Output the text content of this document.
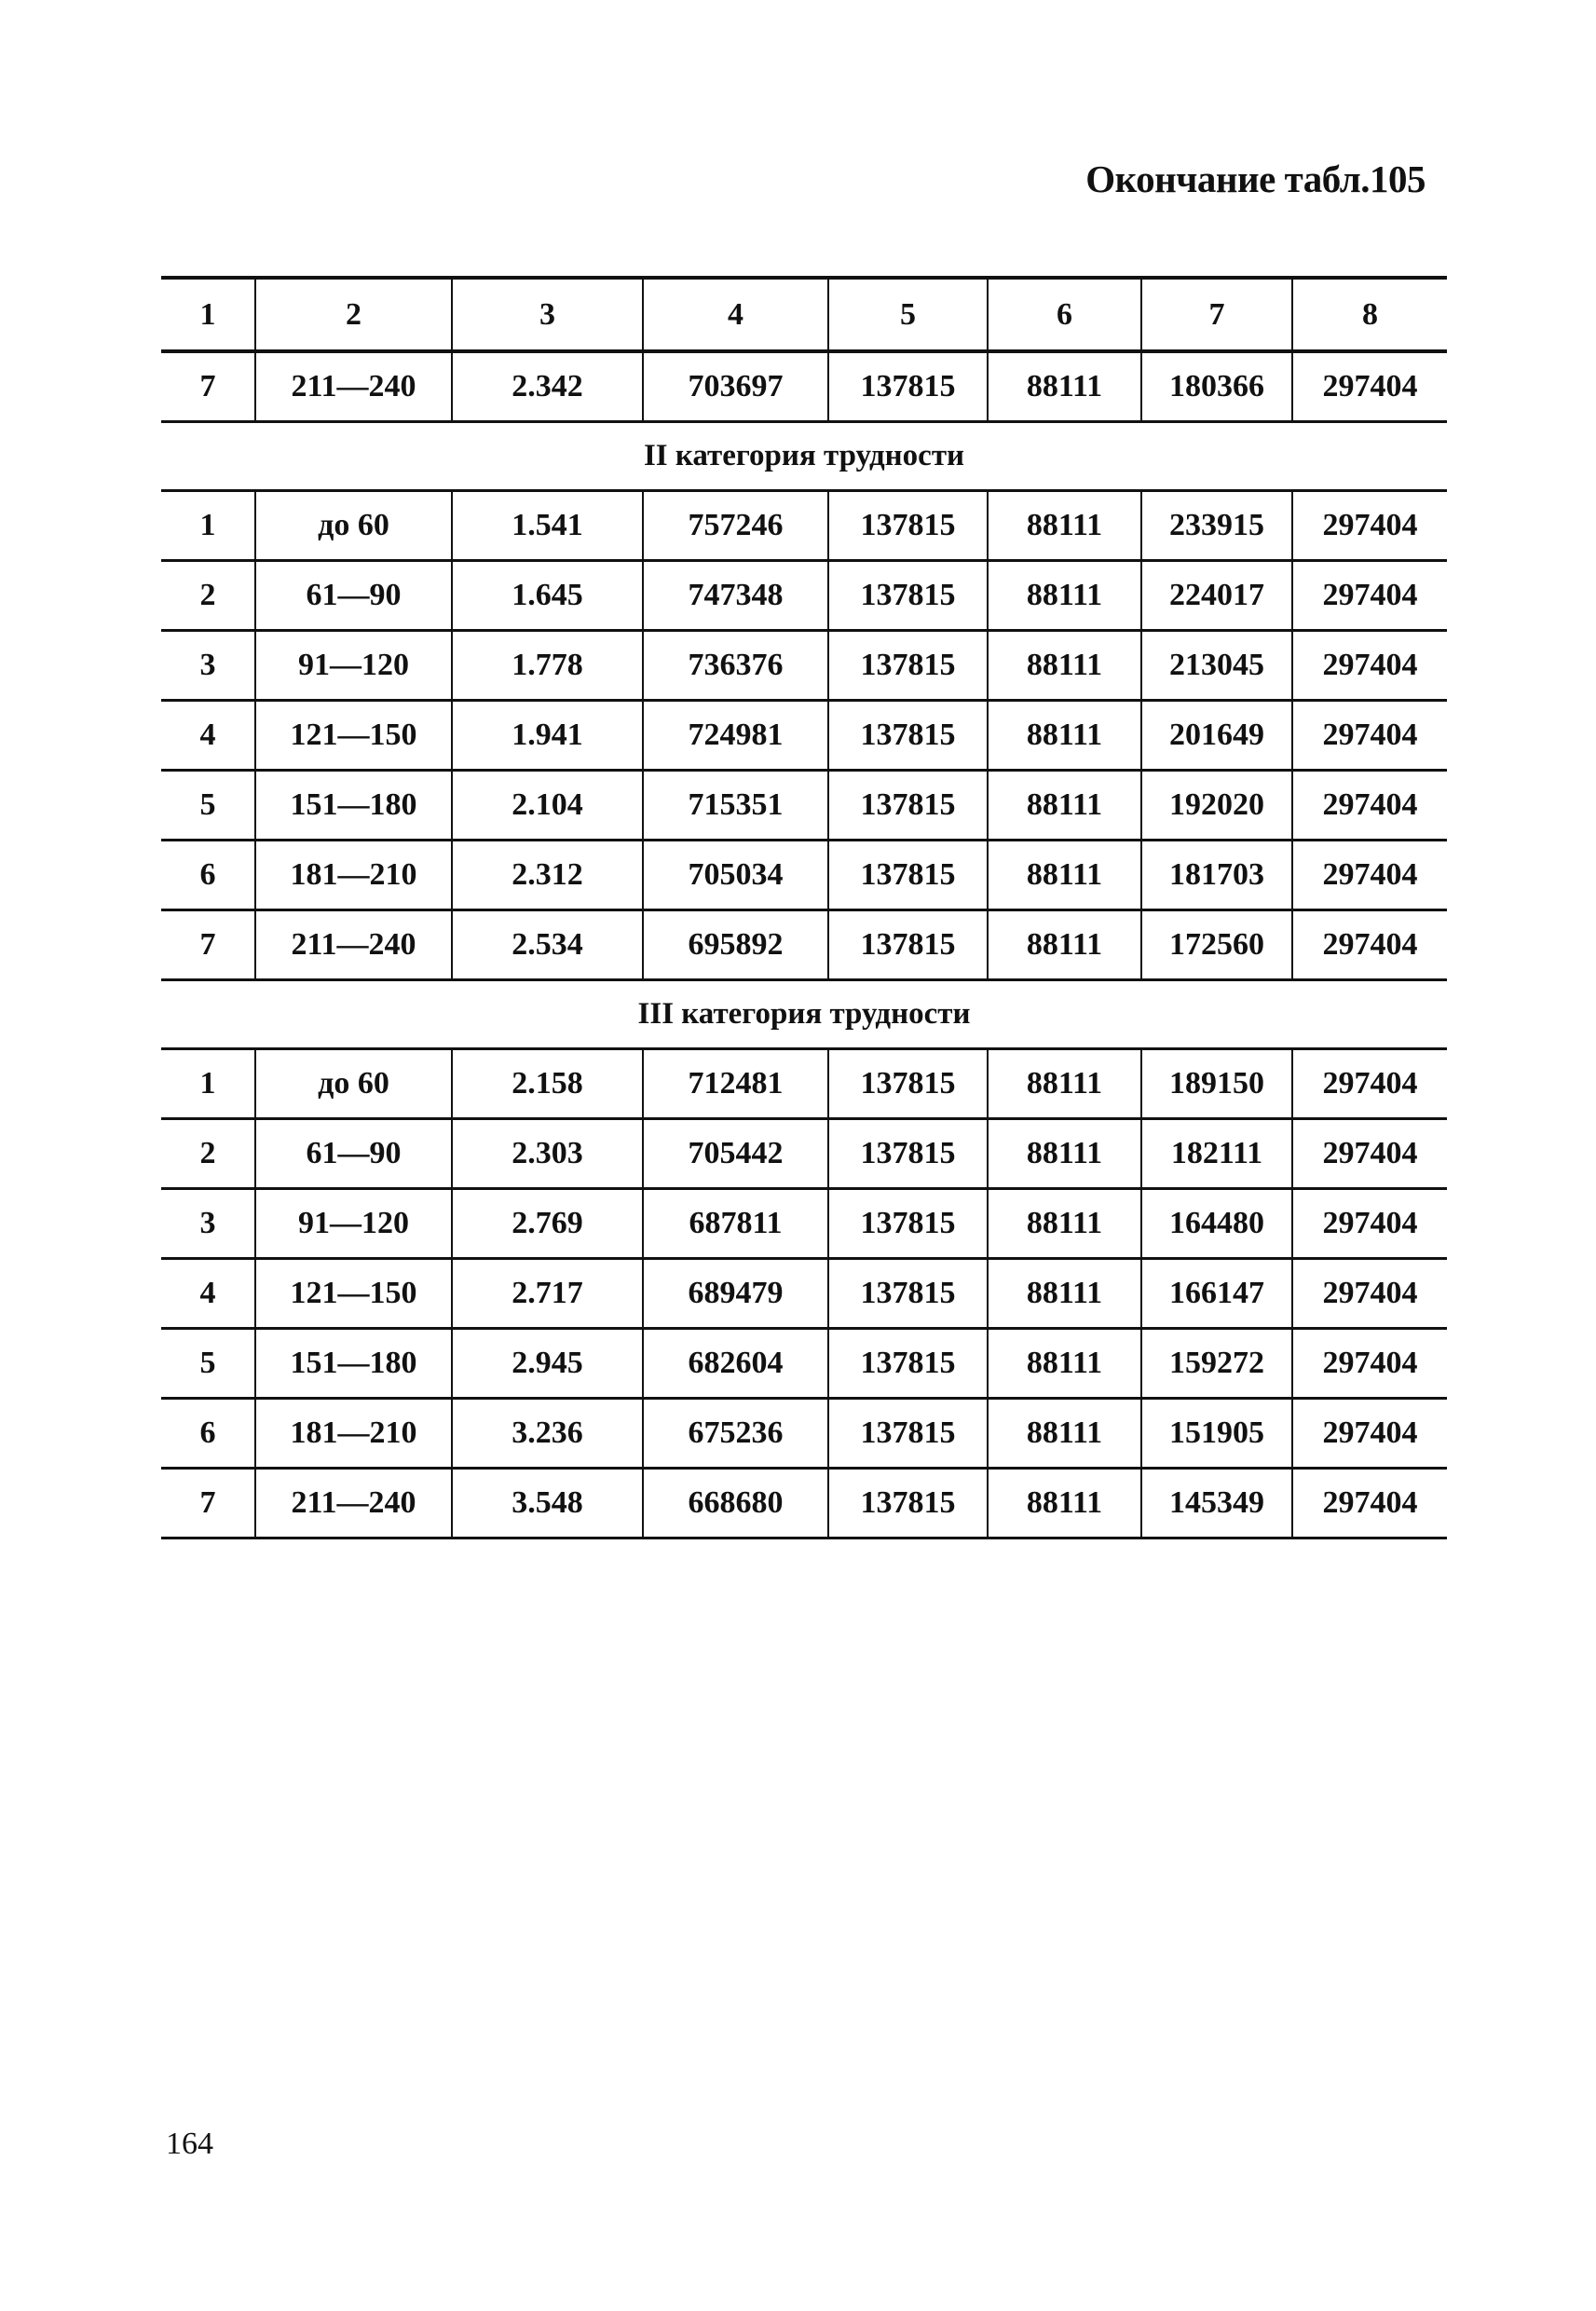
Окончание табл.105
1	2	3	4	5	6	7	8
7	211—240	2.342	703697	137815	88111	180366	297404
II категория трудности							
1	до 60	1.541	757246	137815	88111	233915	297404
2	61—90	1.645	747348	137815	88111	224017	297404
3	91—120	1.778	736376	137815	88111	213045	297404
4	121—150	1.941	724981	137815	88111	201649	297404
5	151—180	2.104	715351	137815	88111	192020	297404
6	181—210	2.312	705034	137815	88111	181703	297404
7	211—240	2.534	695892	137815	88111	172560	297404
III категория трудности							
1	до 60	2.158	712481	137815	88111	189150	297404
2	61—90	2.303	705442	137815	88111	182111	297404
3	91—120	2.769	687811	137815	88111	164480	297404
4	121—150	2.717	689479	137815	88111	166147	297404
5	151—180	2.945	682604	137815	88111	159272	297404
6	181—210	3.236	675236	137815	88111	151905	297404
7	211—240	3.548	668680	137815	88111	145349	297404
164
